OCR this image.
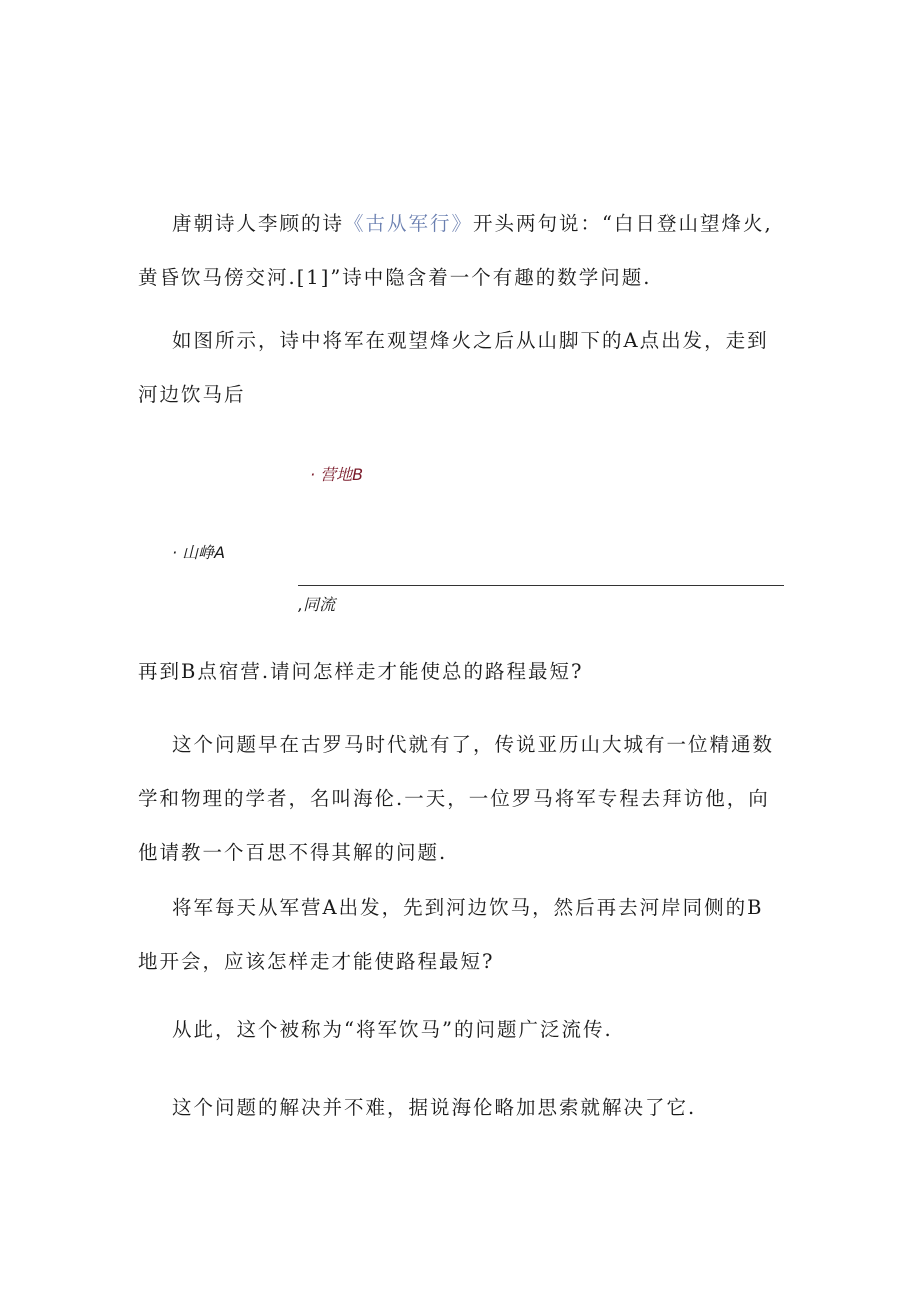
唐朝诗人李顾的诗《古从军行》开头两句说：“白日登山望烽火,黄昏饮马傍交河.[1]”诗中隐含着一个有趣的数学问题.

如图所示，诗中将军在观望烽火之后从山脚下的A点出发，走到河边饮马后

· 营地B
· 山峥A
,同流

再到B点宿营.请问怎样走才能使总的路程最短?

这个问题早在古罗马时代就有了，传说亚历山大城有一位精通数学和物理的学者，名叫海伦.一天，一位罗马将军专程去拜访他，向他请教一个百思不得其解的问题.

将军每天从军营A出发，先到河边饮马，然后再去河岸同侧的B地开会，应该怎样走才能使路程最短?

从此，这个被称为“将军饮马”的问题广泛流传.

这个问题的解决并不难，据说海伦略加思索就解决了它.
